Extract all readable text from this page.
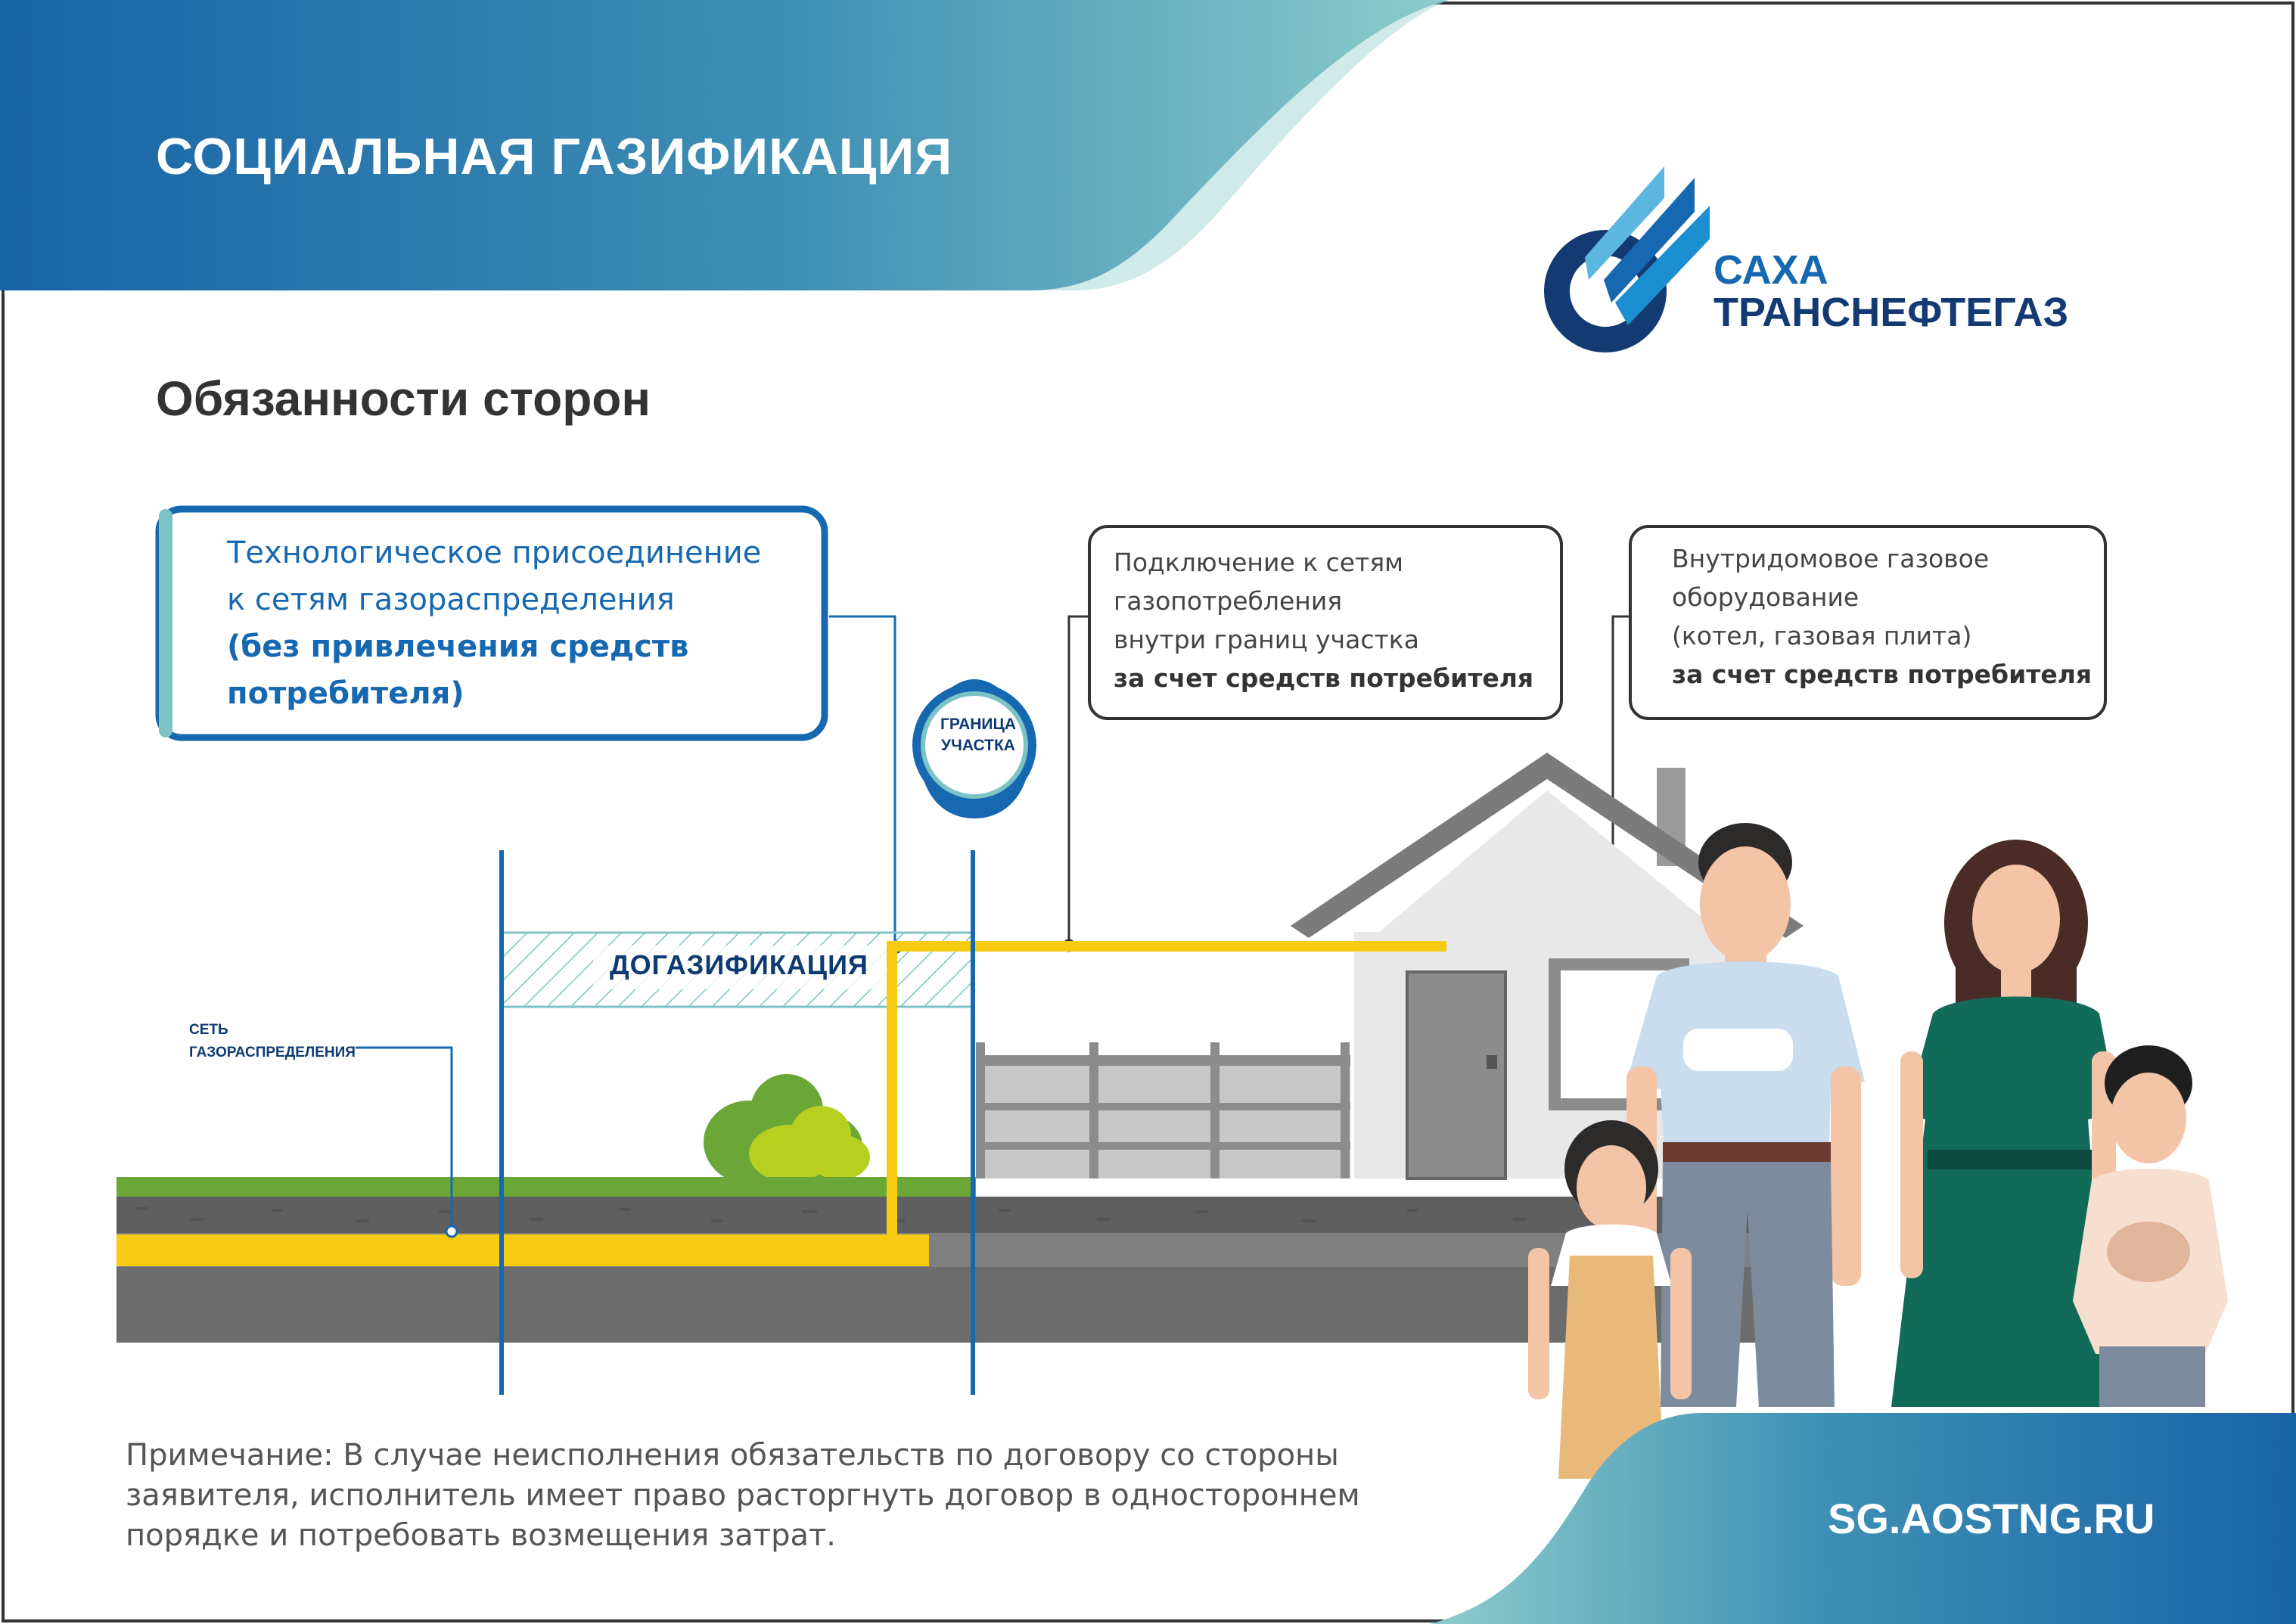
СОЦИАЛЬНАЯ ГАЗИФИКАЦИЯ
Обязанности сторон
САХА
ТРАНСНЕФТЕГАЗ
Технологическое присоединение
к сетям газораспределения
(без привлечения средств
потребителя)
Подключение к сетям
газопотребления
внутри границ участка
за счет средств потребителя
Внутридомовое газовое
оборудование
(котел, газовая плита)
за счет средств потребителя
ГРАНИЦА
УЧАСТКА
ДОГАЗИФИКАЦИЯ
СЕТЬ
ГАЗОРАСПРЕДЕЛЕНИЯ
Примечание: В случае неисполнения обязательств по договору со стороны
заявителя, исполнитель имеет право расторгнуть договор в одностороннем
порядке и потребовать возмещения затрат.	SG.AOSTNG.RU
